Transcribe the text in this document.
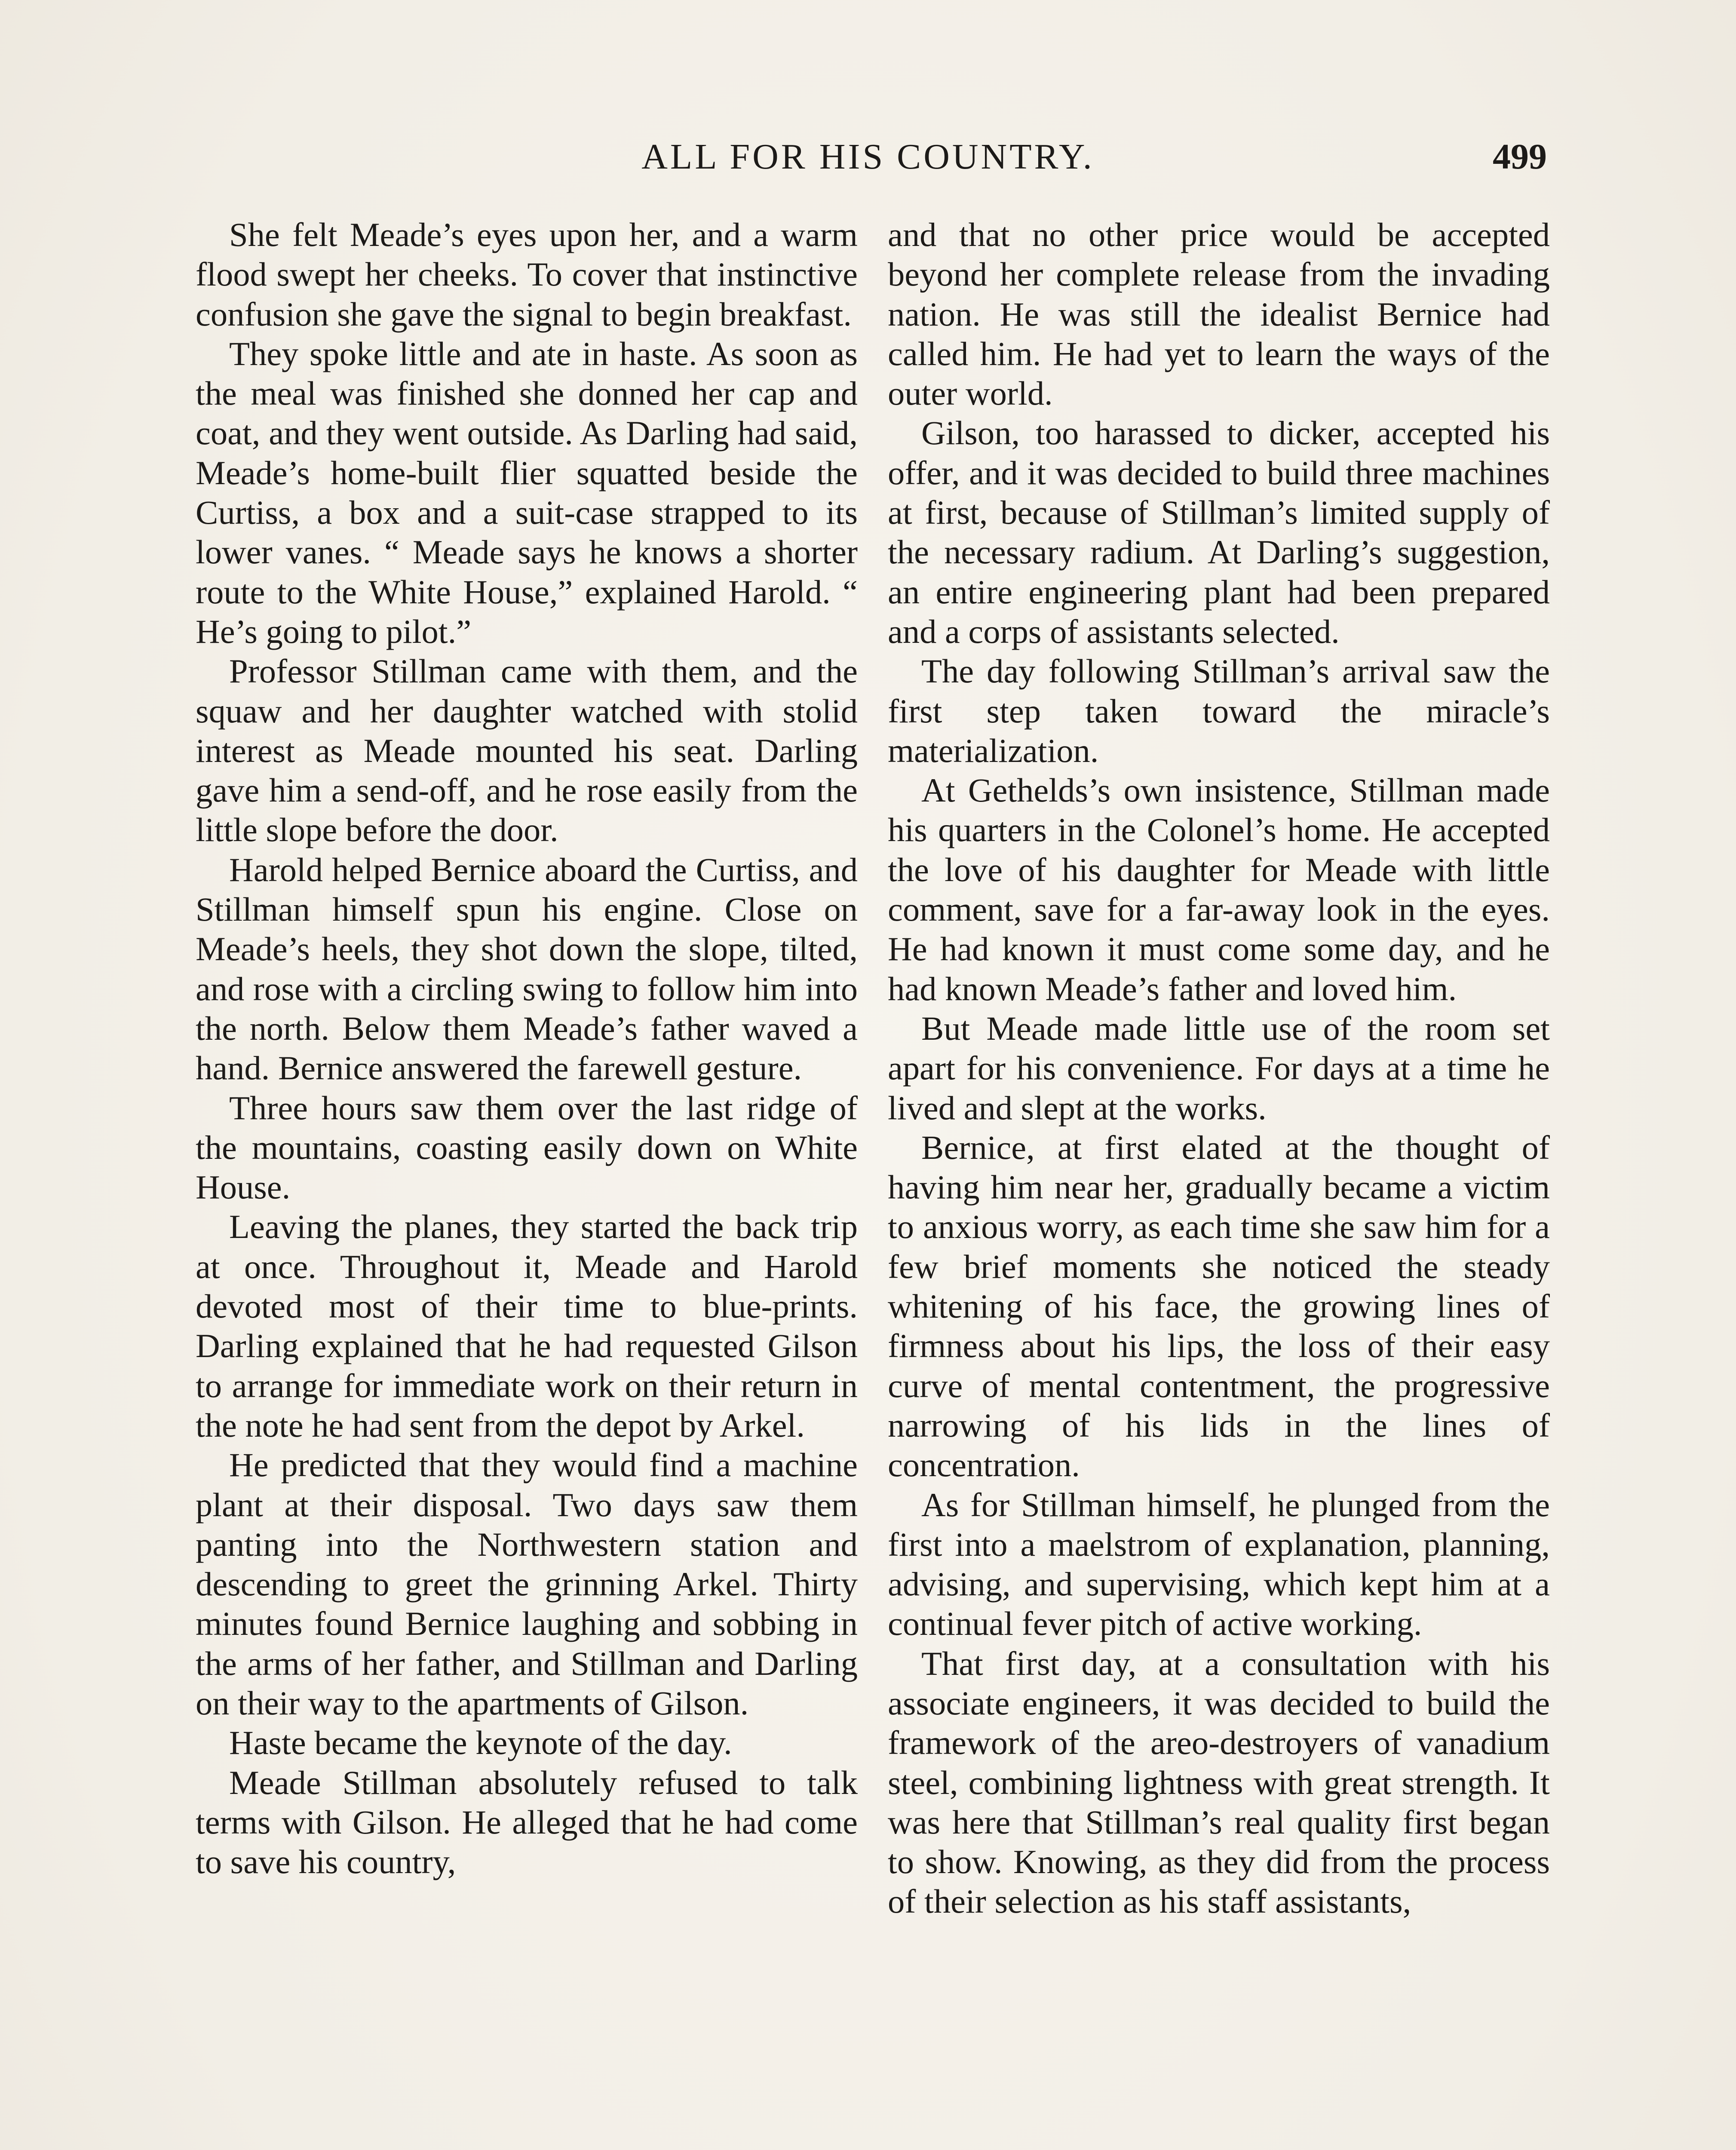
ALL FOR HIS COUNTRY.	499

She felt Meade’s eyes upon her, and a warm flood swept her cheeks. To cover that instinctive confusion she gave the signal to begin breakfast.

They spoke little and ate in haste. As soon as the meal was finished she donned her cap and coat, and they went outside. As Darling had said, Meade’s home-built flier squatted beside the Curtiss, a box and a suit-case strapped to its lower vanes. “ Meade says he knows a shorter route to the White House,” explained Harold. “ He’s going to pilot.”

Professor Stillman came with them, and the squaw and her daughter watched with stolid interest as Meade mounted his seat. Darling gave him a send-off, and he rose easily from the little slope before the door.

Harold helped Bernice aboard the Curtiss, and Stillman himself spun his engine. Close on Meade’s heels, they shot down the slope, tilted, and rose with a circling swing to follow him into the north. Below them Meade’s father waved a hand. Bernice answered the farewell gesture.

Three hours saw them over the last ridge of the mountains, coasting easily down on White House.

Leaving the planes, they started the back trip at once. Throughout it, Meade and Harold devoted most of their time to blue-prints. Darling explained that he had requested Gilson to arrange for immediate work on their return in the note he had sent from the depot by Arkel.

He predicted that they would find a machine plant at their disposal. Two days saw them panting into the Northwestern station and descending to greet the grinning Arkel. Thirty minutes found Bernice laughing and sobbing in the arms of her father, and Stillman and Darling on their way to the apartments of Gilson.

Haste became the keynote of the day.

Meade Stillman absolutely refused to talk terms with Gilson. He alleged that he had come to save his country,

and that no other price would be accepted beyond her complete release from the invading nation. He was still the idealist Bernice had called him. He had yet to learn the ways of the outer world.

Gilson, too harassed to dicker, accepted his offer, and it was decided to build three machines at first, because of Stillman’s limited supply of the necessary radium. At Darling’s suggestion, an entire engineering plant had been prepared and a corps of assistants selected.

The day following Stillman’s arrival saw the first step taken toward the miracle’s materialization.

At Gethelds’s own insistence, Stillman made his quarters in the Colonel’s home. He accepted the love of his daughter for Meade with little comment, save for a far-away look in the eyes. He had known it must come some day, and he had known Meade’s father and loved him.

But Meade made little use of the room set apart for his convenience. For days at a time he lived and slept at the works.

Bernice, at first elated at the thought of having him near her, gradually became a victim to anxious worry, as each time she saw him for a few brief moments she noticed the steady whitening of his face, the growing lines of firmness about his lips, the loss of their easy curve of mental contentment, the progressive narrowing of his lids in the lines of concentration.

As for Stillman himself, he plunged from the first into a maelstrom of explanation, planning, advising, and supervising, which kept him at a continual fever pitch of active working.

That first day, at a consultation with his associate engineers, it was decided to build the framework of the areo-destroyers of vanadium steel, combining lightness with great strength. It was here that Stillman’s real quality first began to show. Knowing, as they did from the process of their selection as his staff assistants,
